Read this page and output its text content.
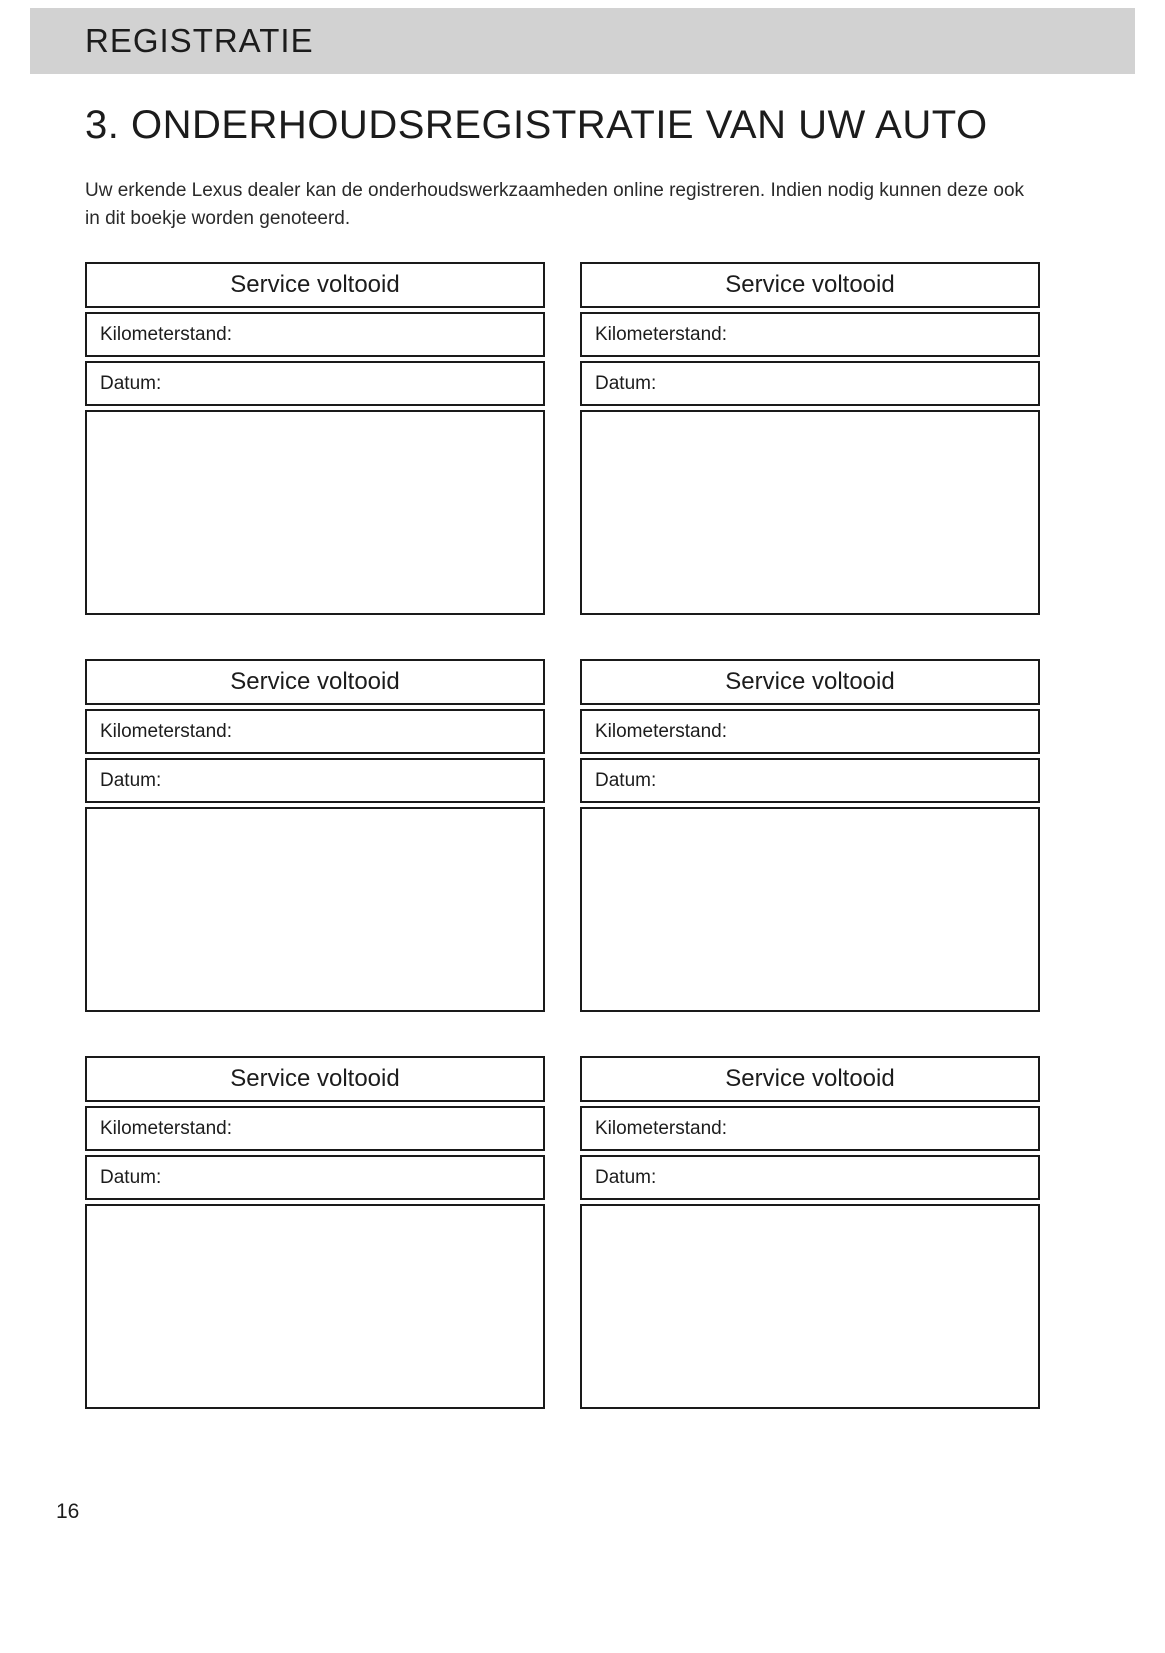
REGISTRATIE
3. ONDERHOUDSREGISTRATIE VAN UW AUTO

Uw erkende Lexus dealer kan de onderhoudswerkzaamheden online registreren. Indien nodig kunnen deze ook in dit boekje worden genoteerd.

Service voltooid
Kilometerstand:
Datum:
Service voltooid
Kilometerstand:
Datum:
Service voltooid
Kilometerstand:
Datum:
Service voltooid
Kilometerstand:
Datum:
Service voltooid
Kilometerstand:
Datum:
Service voltooid
Kilometerstand:
Datum:
16
